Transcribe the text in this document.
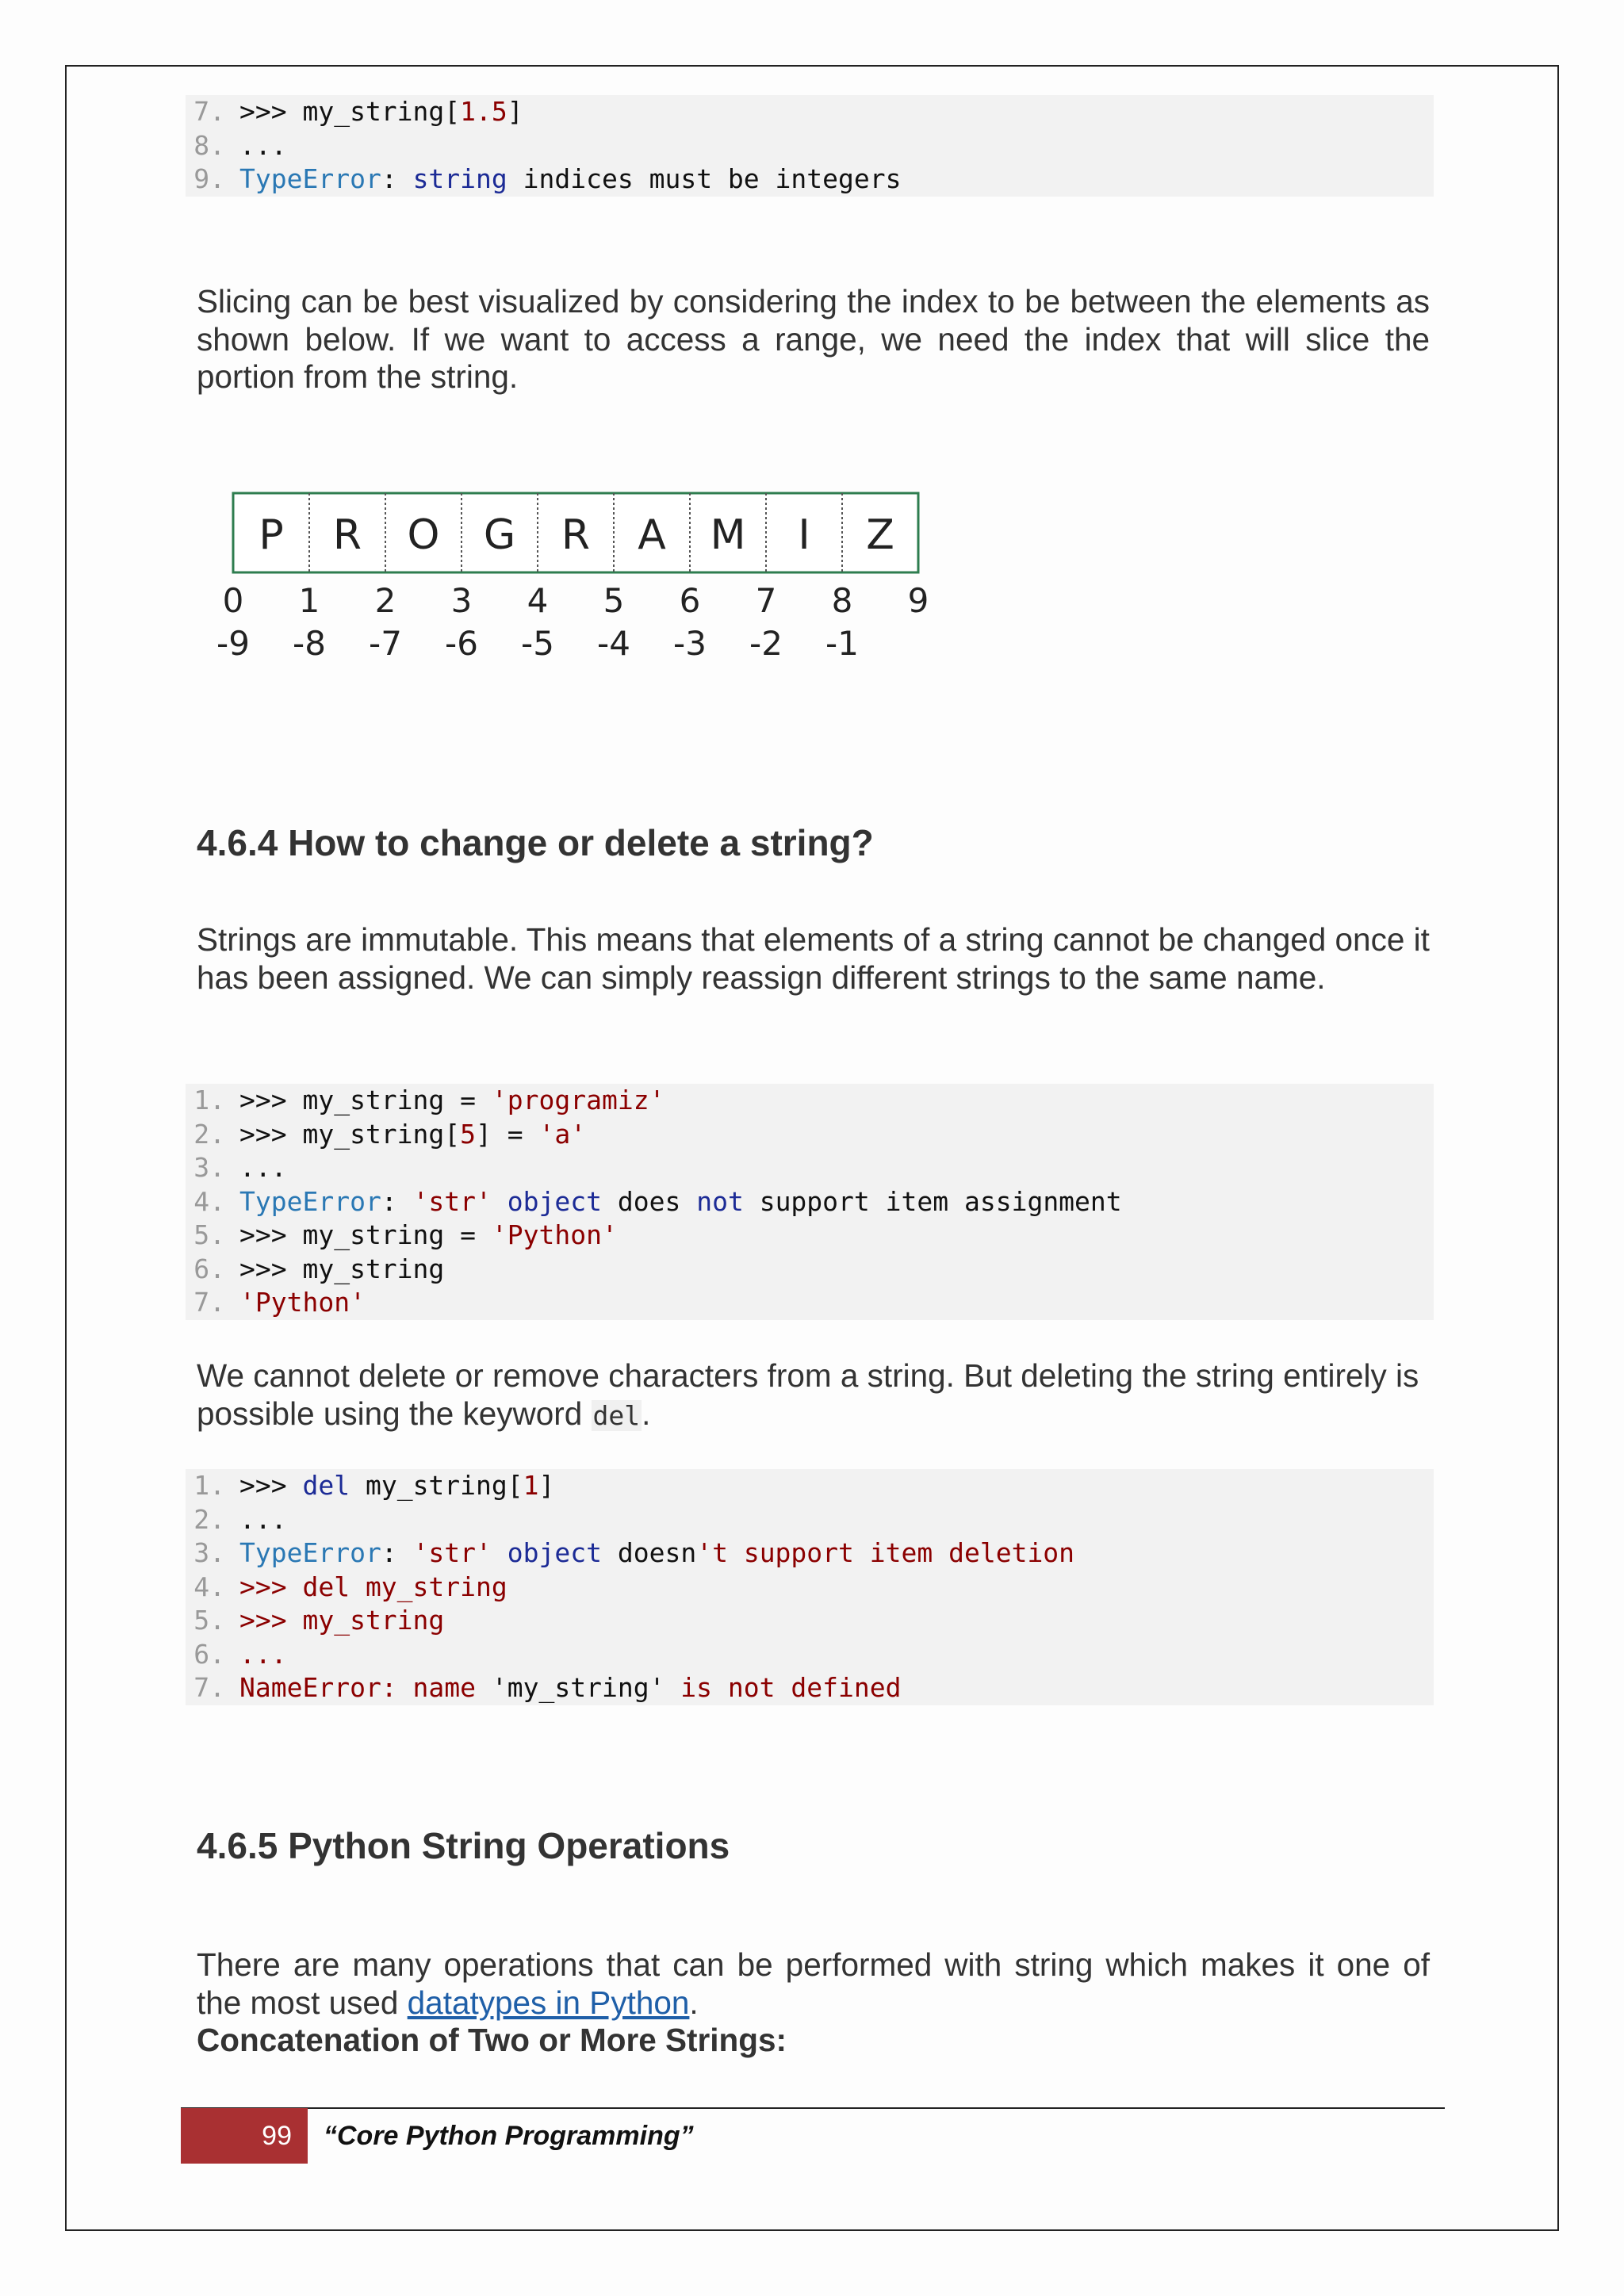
7. >>> my_string[1.5]
8. ...
9. TypeError: string indices must be integers

Slicing can be best visualized by considering the index to be between the elements as shown below. If we want to access a range, we need the index that will slice the portion from the string.

P R O G R A M I Z
0 1 2 3 4 5 6 7 8 9
-9 -8 -7 -6 -5 -4 -3 -2 -1
4.6.4 How to change or delete a string?

Strings are immutable. This means that elements of a string cannot be changed once it has been assigned. We can simply reassign different strings to the same name.

1. >>> my_string = 'programiz'
2. >>> my_string[5] = 'a'
3. ...
4. TypeError: 'str' object does not support item assignment
5. >>> my_string = 'Python'
6. >>> my_string
7. 'Python'

We cannot delete or remove characters from a string. But deleting the string entirely is possible using the keyword del.

1. >>> del my_string[1]
2. ...
3. TypeError: 'str' object doesn't support item deletion
4. >>> del my_string
5. >>> my_string
6. ...
7. NameError: name 'my_string' is not defined
4.6.5 Python String Operations

There are many operations that can be performed with string which makes it one of the most used datatypes in Python.

Concatenation of Two or More Strings:

99	“Core Python Programming”
